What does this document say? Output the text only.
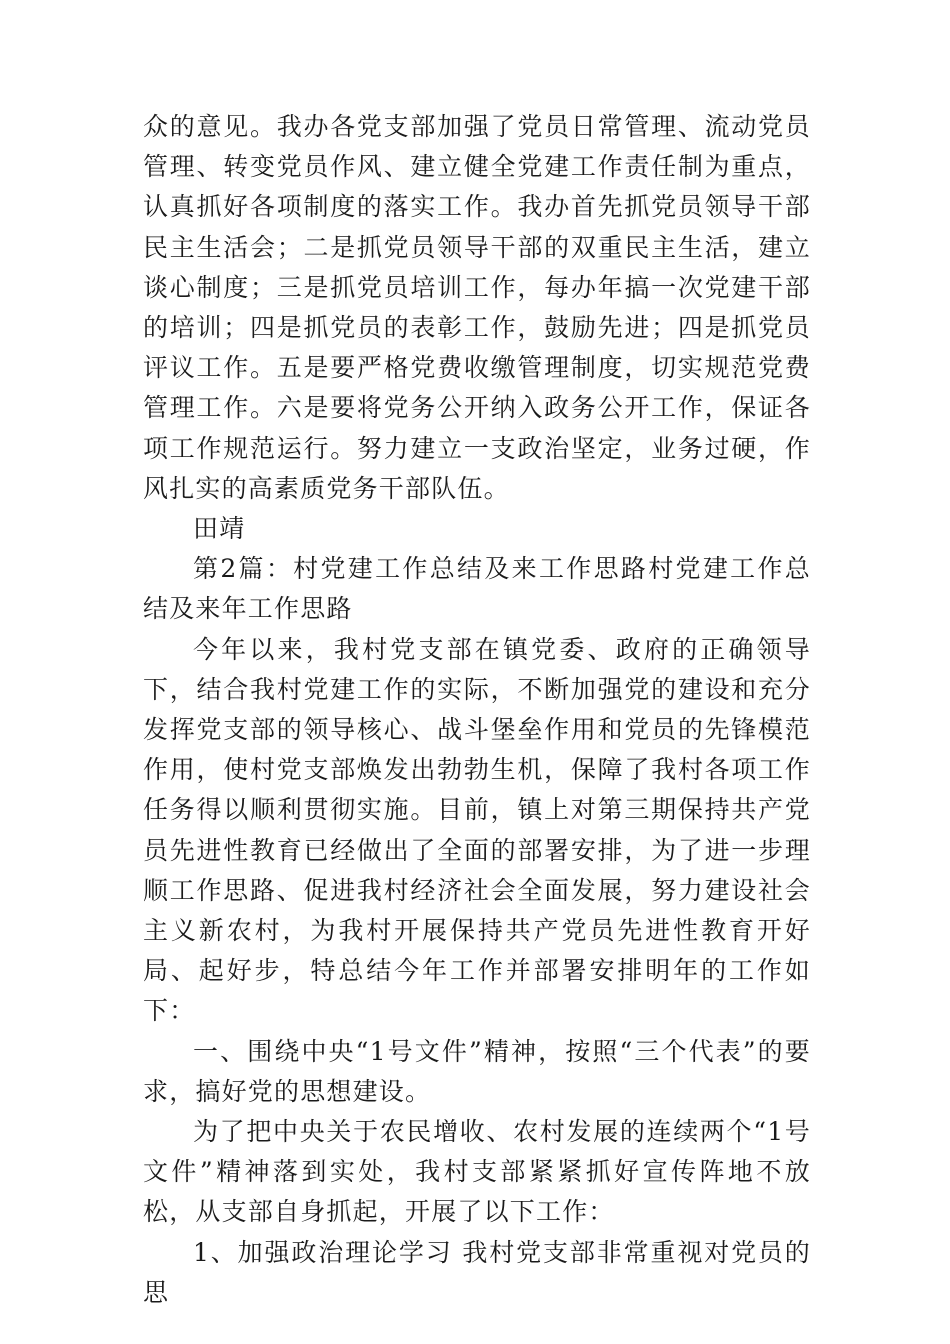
众的意见。我办各党支部加强了党员日常管理、流动党员管理、转变党员作风、建立健全党建工作责任制为重点，认真抓好各项制度的落实工作。我办首先抓党员领导干部民主生活会；二是抓党员领导干部的双重民主生活，建立谈心制度；三是抓党员培训工作，每办年搞一次党建干部的培训；四是抓党员的表彰工作，鼓励先进；四是抓党员评议工作。五是要严格党费收缴管理制度，切实规范党费管理工作。六是要将党务公开纳入政务公开工作，保证各项工作规范运行。努力建立一支政治坚定，业务过硬，作风扎实的高素质党务干部队伍。

田靖

第2篇：村党建工作总结及来工作思路村党建工作总结及来年工作思路

今年以来，我村党支部在镇党委、政府的正确领导下，结合我村党建工作的实际，不断加强党的建设和充分发挥党支部的领导核心、战斗堡垒作用和党员的先锋模范作用，使村党支部焕发出勃勃生机，保障了我村各项工作任务得以顺利贯彻实施。目前，镇上对第三期保持共产党员先进性教育已经做出了全面的部署安排，为了进一步理顺工作思路、促进我村经济社会全面发展，努力建设社会主义新农村，为我村开展保持共产党员先进性教育开好局、起好步，特总结今年工作并部署安排明年的工作如下：

一、围绕中央“1号文件”精神，按照“三个代表”的要求，搞好党的思想建设。

为了把中央关于农民增收、农村发展的连续两个“1号文件”精神落到实处，我村支部紧紧抓好宣传阵地不放松，从支部自身抓起，开展了以下工作：

1、加强政治理论学习 我村党支部非常重视对党员的思
